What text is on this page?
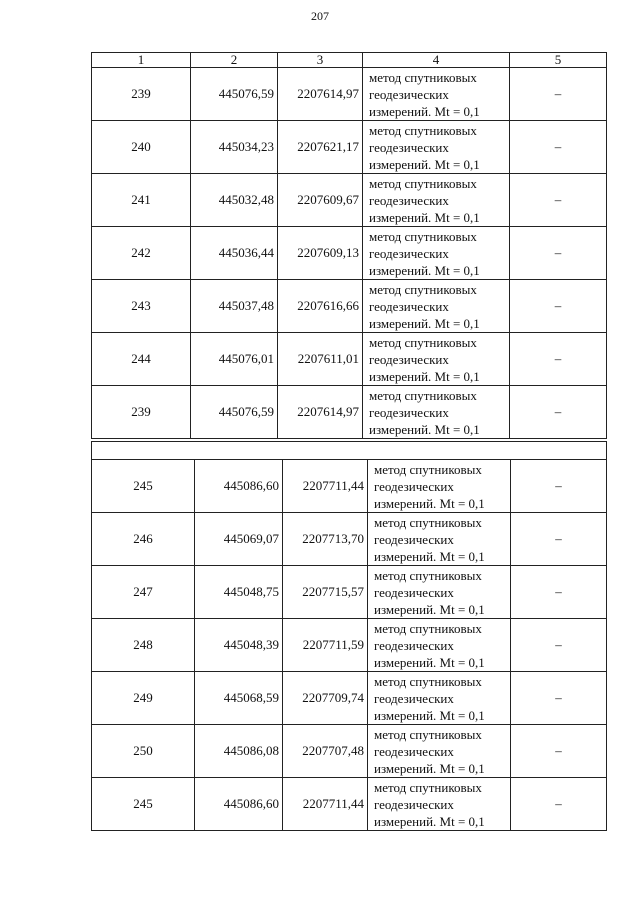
207
1	2	3	4	5
239	445076,59	2207614,97	метод спутниковых
геодезических
измерений. Mt = 0,1	–
240	445034,23	2207621,17	метод спутниковых
геодезических
измерений. Mt = 0,1	–
241	445032,48	2207609,67	метод спутниковых
геодезических
измерений. Mt = 0,1	–
242	445036,44	2207609,13	метод спутниковых
геодезических
измерений. Mt = 0,1	–
243	445037,48	2207616,66	метод спутниковых
геодезических
измерений. Mt = 0,1	–
244	445076,01	2207611,01	метод спутниковых
геодезических
измерений. Mt = 0,1	–
239	445076,59	2207614,97	метод спутниковых
геодезических
измерений. Mt = 0,1	–

245	445086,60	2207711,44	метод спутниковых
геодезических
измерений. Mt = 0,1	–
246	445069,07	2207713,70	метод спутниковых
геодезических
измерений. Mt = 0,1	–
247	445048,75	2207715,57	метод спутниковых
геодезических
измерений. Mt = 0,1	–
248	445048,39	2207711,59	метод спутниковых
геодезических
измерений. Mt = 0,1	–
249	445068,59	2207709,74	метод спутниковых
геодезических
измерений. Mt = 0,1	–
250	445086,08	2207707,48	метод спутниковых
геодезических
измерений. Mt = 0,1	–
245	445086,60	2207711,44	метод спутниковых
геодезических
измерений. Mt = 0,1	–
